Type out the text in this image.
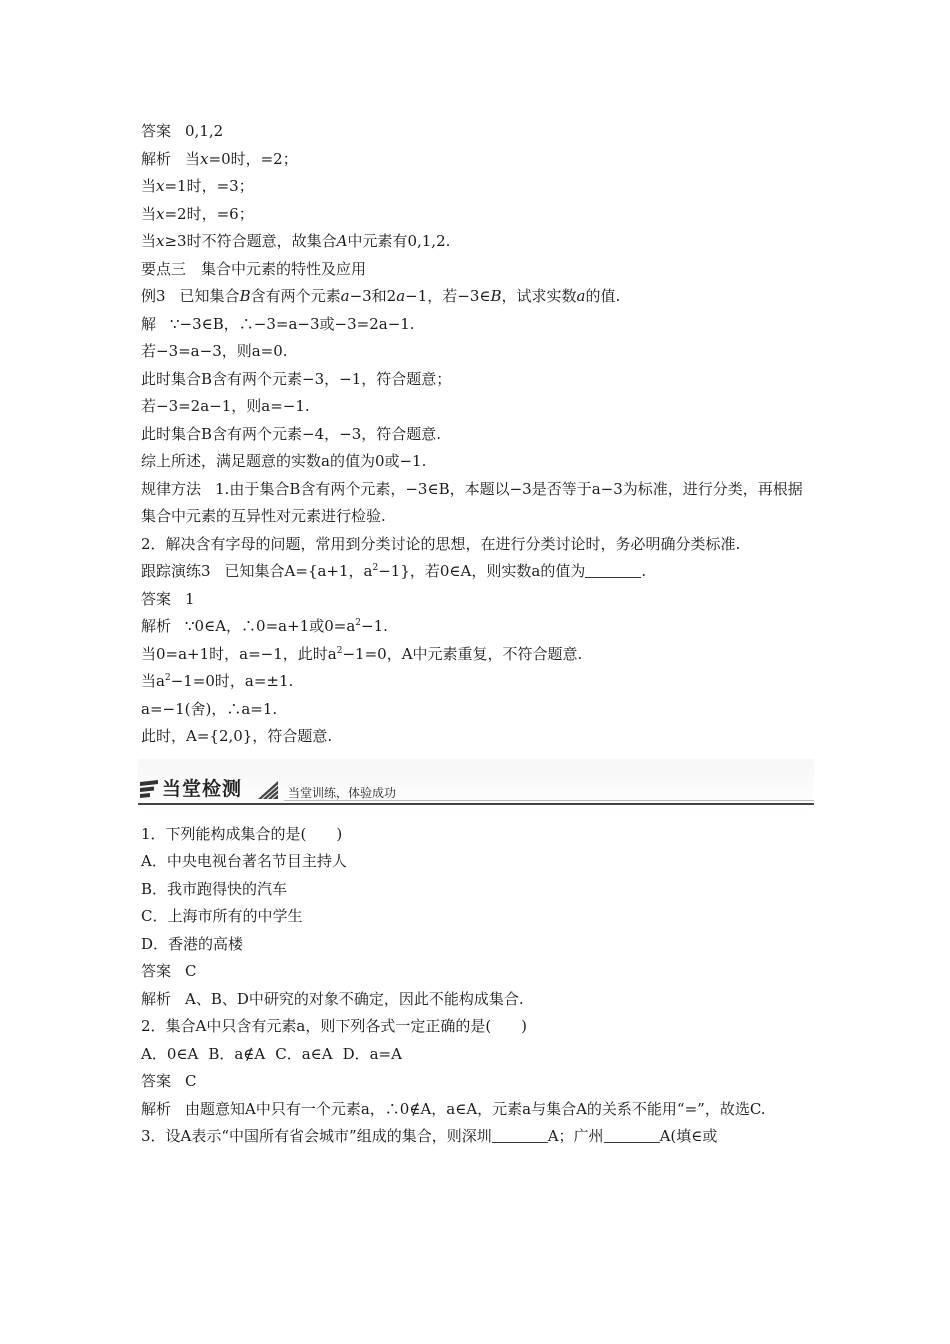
答案 0,1,2
解析 当x=0时，=2；
当x=1时，=3；
当x=2时，=6；
当x≥3时不符合题意，故集合A中元素有0,1,2.
要点三　集合中元素的特性及应用
例3 已知集合B含有两个元素a−3和2a−1，若−3∈B，试求实数a的值.
解 ∵−3∈B，∴−3=a−3或−3=2a−1.
若−3=a−3，则a=0.
此时集合B含有两个元素−3，−1，符合题意；
若−3=2a−1，则a=−1.
此时集合B含有两个元素−4，−3，符合题意.
综上所述，满足题意的实数a的值为0或−1.
规律方法 1.由于集合B含有两个元素，−3∈B，本题以−3是否等于a−3为标准，进行分类，再根据集合中元素的互异性对元素进行检验.
2．解决含有字母的问题，常用到分类讨论的思想，在进行分类讨论时，务必明确分类标准.
跟踪演练3 已知集合A={a+1，$a^2-1$}，若0∈A，则实数a的值为	.
答案 1
解析 ∵0∈A，∴0=a+1或$0=a^2-1$.
当0=a+1时，a=−1，此时$a^2-1=0$，A中元素重复，不符合题意.
当$a^2-1=0$时，a=±1.
a=−1(舍)，∴a=1.
此时，A={2,0}，符合题意.
当堂检测	当堂训练，体验成功
1．下列能构成集合的是(　　)
A．中央电视台著名节目主持人
B．我市跑得快的汽车
C．上海市所有的中学生
D．香港的高楼
答案 C
解析 A、B、D中研究的对象不确定，因此不能构成集合.
2．集合A中只含有元素a，则下列各式一定正确的是(　　)
A．0∈A B．a∉A C．a∈A D．a=A
答案 C
解析 由题意知A中只有一个元素a，∴0∉A，a∈A，元素a与集合A的关系不能用“=”，故选C.
3．设A表示“中国所有省会城市”组成的集合，则深圳	A；广州	A(填∈或
